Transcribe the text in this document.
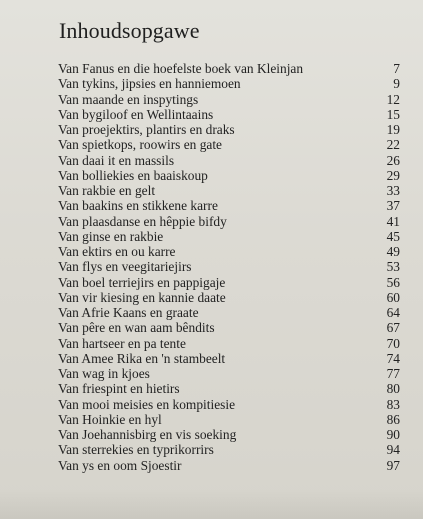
Inhoudsopgawe
Van Fanus en die hoefelste boek van Kleinjan	7
Van tykins, jipsies en hanniemoen	9
Van maande en inspytings	12
Van bygiloof en Wellintaains	15
Van proejektirs, plantirs en draks	19
Van spietkops, roowirs en gate	22
Van daai it en massils	26
Van bolliekies en baaiskoup	29
Van rakbie en gelt	33
Van baakins en stikkene karre	37
Van plaasdanse en hêppie bifdy	41
Van ginse en rakbie	45
Van ektirs en ou karre	49
Van flys en veegitariejirs	53
Van boel terriejirs en pappigaje	56
Van vir kiesing en kannie daate	60
Van Afrie Kaans en graate	64
Van pêre en wan aam bêndits	67
Van hartseer en pa tente	70
Van Amee Rika en 'n stambeelt	74
Van wag in kjoes	77
Van friespint en hietirs	80
Van mooi meisies en kompitiesie	83
Van Hoinkie en hyl	86
Van Joehannisbirg en vis soeking	90
Van sterrekies en typrikorrirs	94
Van ys en oom Sjoestir	97
